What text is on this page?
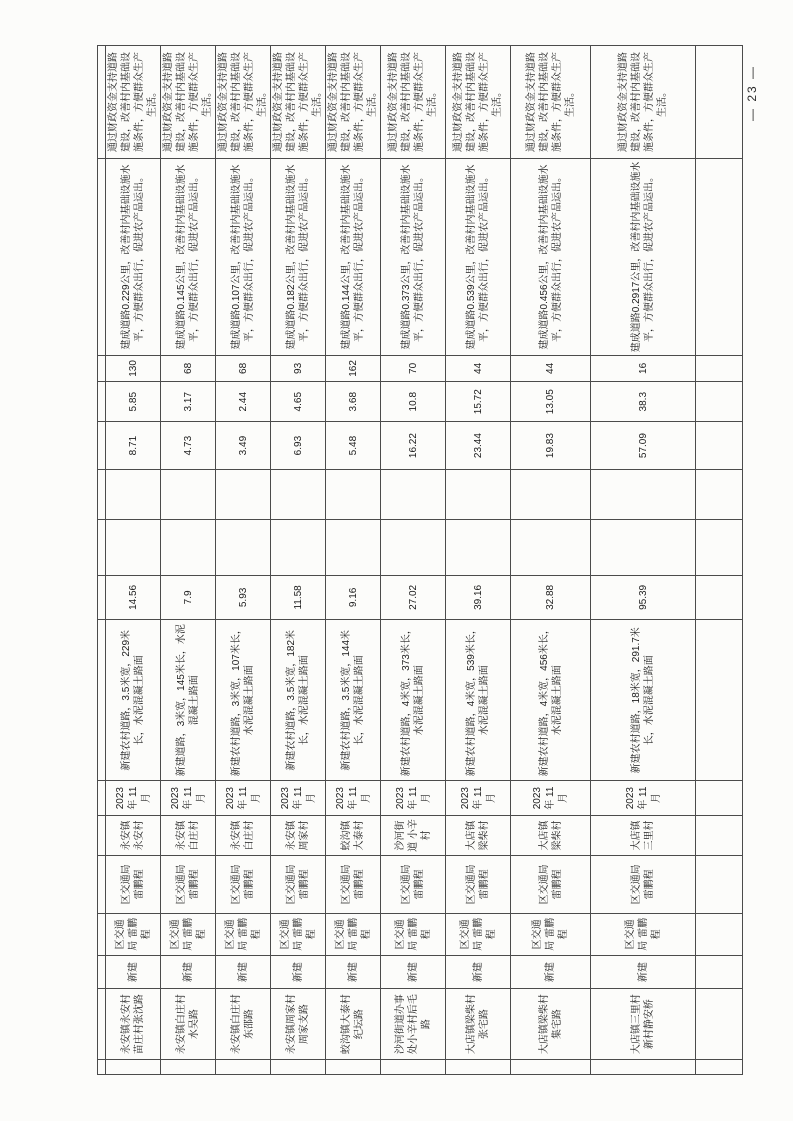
	永安镇永安村苗庄村张沈路	新建	区交通局 雷鹏程	区交通局 雷鹏程	永安镇 永安村	2023年 11月	新建农村道路，3.5米宽，229米长，水泥混凝土路面	14.56			8.71	5.85	130	建成道路0.229公里，改善村内基础设施水平，方便群众出行，促进农产品运出。	通过财政资金支持道路建设，改善村内基础设施条件，方便群众生产生活。
	永安镇白庄村水吴路	新建	区交通局 雷鹏程	区交通局 雷鹏程	永安镇 白庄村	2023年 11月	新建道路，3米宽，145米长，水泥混凝土路面	7.9			4.73	3.17	68	建成道路0.145公里，改善村内基础设施水平，方便群众出行，促进农产品运出。	通过财政资金支持道路建设，改善村内基础设施条件，方便群众生产生活。
	永安镇白庄村东邵路	新建	区交通局 雷鹏程	区交通局 雷鹏程	永安镇 白庄村	2023年 11月	新建农村道路，3米宽，107米长，水泥混凝土路面	5.93			3.49	2.44	68	建成道路0.107公里，改善村内基础设施水平，方便群众出行，促进农产品运出。	通过财政资金支持道路建设，改善村内基础设施条件，方便群众生产生活。
	永安镇周家村周家支路	新建	区交通局 雷鹏程	区交通局 雷鹏程	永安镇 周家村	2023年 11月	新建农村道路，3.5米宽，182米长，水泥混凝土路面	11.58			6.93	4.65	93	建成道路0.182公里，改善村内基础设施水平，方便群众出行，促进农产品运出。	通过财政资金支持道路建设，改善村内基础设施条件，方便群众生产生活。
	蛟沟镇大泰村纪坛路	新建	区交通局 雷鹏程	区交通局 雷鹏程	蛟沟镇 大泰村	2023年 11月	新建农村道路，3.5米宽，144米长，水泥混凝土路面	9.16			5.48	3.68	162	建成道路0.144公里，改善村内基础设施水平，方便群众出行，促进农产品运出。	通过财政资金支持道路建设，改善村内基础设施条件，方便群众生产生活。
	沙河街道办事处小辛村后毛路	新建	区交通局 雷鹏程	区交通局 雷鹏程	沙河街道 小辛村	2023年 11月	新建农村道路，4米宽，373米长，水泥混凝土路面	27.02			16.22	10.8	70	建成道路0.373公里，改善村内基础设施水平，方便群众出行，促进农产品运出。	通过财政资金支持道路建设，改善村内基础设施条件，方便群众生产生活。
	大店镇梁柴村张宅路	新建	区交通局 雷鹏程	区交通局 雷鹏程	大店镇 梁柴村	2023年 11月	新建农村道路，4米宽，539米长，水泥混凝土路面	39.16			23.44	15.72	44	建成道路0.539公里，改善村内基础设施水平，方便群众出行，促进农产品运出。	通过财政资金支持道路建设，改善村内基础设施条件，方便群众生产生活。
	大店镇梁柴村集宅路	新建	区交通局 雷鹏程	区交通局 雷鹏程	大店镇 梁柴村	2023年 11月	新建农村道路，4米宽，456米长，水泥混凝土路面	32.88			19.83	13.05	44	建成道路0.456公里，改善村内基础设施水平，方便群众出行，促进农产品运出。	通过财政资金支持道路建设，改善村内基础设施条件，方便群众生产生活。
	大店镇三里村新村静安桥	新建	区交通局 雷鹏程	区交通局 雷鹏程	大店镇 三里村	2023年 11月	新建农村道路，18米宽，291.7米长，水泥混凝土路面	95.39			57.09	38.3	16	建成道路0.2917公里，改善村内基础设施水平，方便群众出行，促进农产品运出。	通过财政资金支持道路建设，改善村内基础设施条件，方便群众生产生活。
																— 23 —
